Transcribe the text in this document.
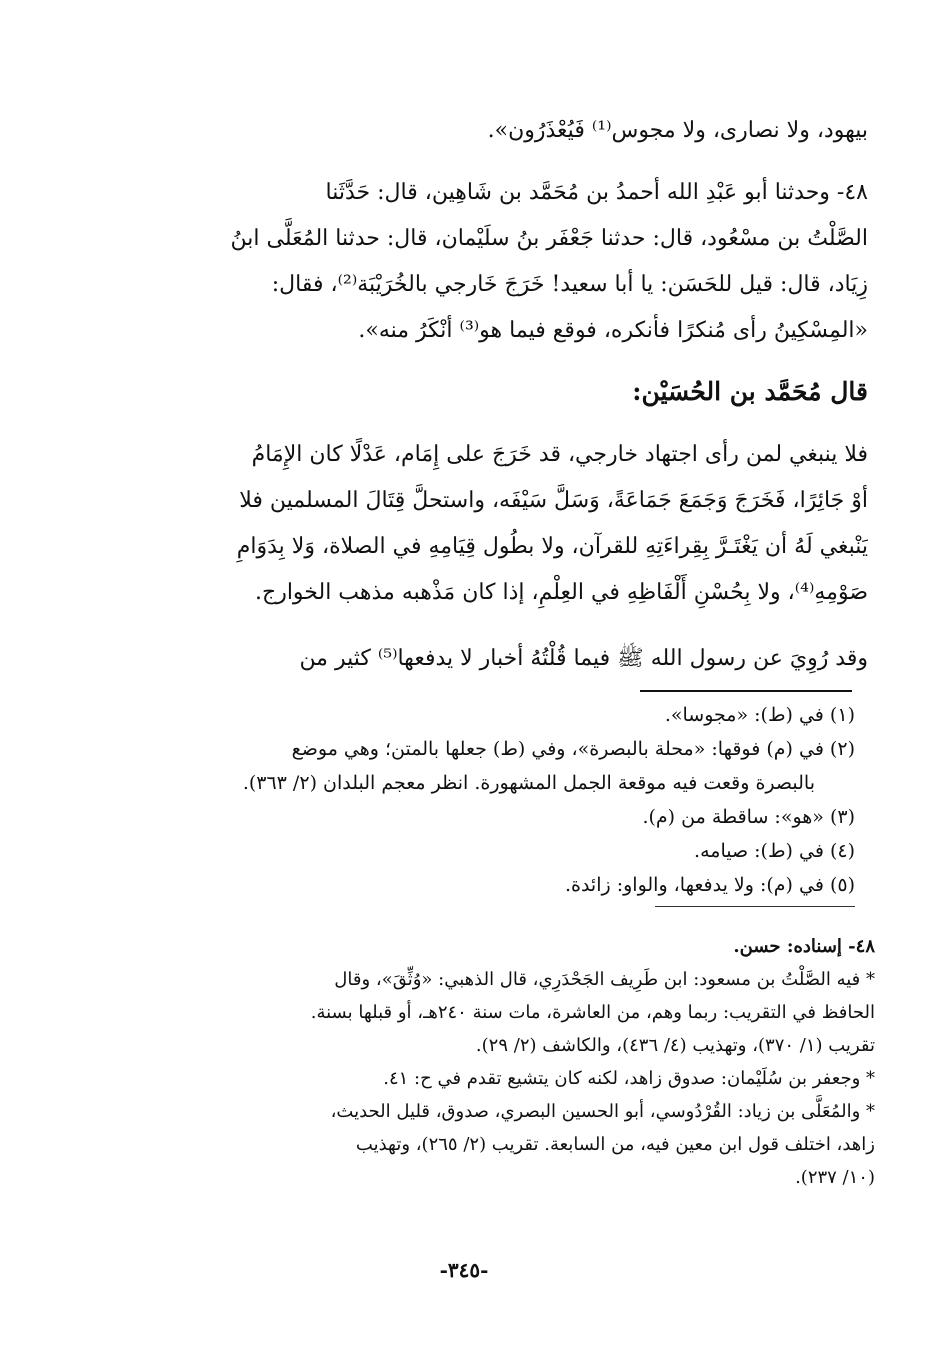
بيهود، ولا نصارى، ولا مجوس⁽¹⁾ فَيُعْذَرُون».
٤٨- وحدثنا أبو عَبْدِ الله أحمدُ بن مُحَمَّد بن شَاهِين، قال: حَدَّثَنا
الصَّلْتُ بن مسْعُود، قال: حدثنا جَعْفَر بنُ سلَيْمان، قال: حدثنا المُعَلَّى ابنُ
زِيَاد، قال: قيل للحَسَن: يا أبا سعيد! خَرَجَ خَارجي بالخُرَيْبَة⁽²⁾، فقال:
«المِسْكِينُ رأى مُنكرًا فأنكره، فوقع فيما هو⁽³⁾ أنْكَرُ منه».
قال مُحَمَّد بن الحُسَيْن:
فلا ينبغي لمن رأى اجتهاد خارجي، قد خَرَجَ على إِمَام، عَدْلًا كان الإِمَامُ
أوْ جَائِرًا، فَخَرَجَ وَجَمَعَ جَمَاعَةً، وَسَلَّ سَيْفَه، واستحلَّ قِتَالَ المسلمين فلا
يَنْبغي لَهُ أن يَغْتَـرَّ بِقِراءَتِهِ للقرآن، ولا بطُول قِيَامِهِ في الصلاة، وَلا بِدَوَامِ
صَوْمِهِ⁽⁴⁾، ولا بِحُسْنِ أَلْفَاظِهِ في العِلْمِ، إذا كان مَذْهبه مذهب الخوارج.
وقد رُوِيَ عن رسول الله ﷺ فيما قُلْتُهُ أخبار لا يدفعها⁽⁵⁾ كثير من
(١) في (ط): «مجوسا».
(٢) في (م) فوقها: «محلة بالبصرة»، وفي (ط) جعلها بالمتن؛ وهي موضع
بالبصرة وقعت فيه موقعة الجمل المشهورة. انظر معجم البلدان (٢/ ٣٦٣).
(٣) «هو»: ساقطة من (م).
(٤) في (ط): صيامه.
(٥) في (م): ولا يدفعها، والواو: زائدة.
٤٨- إسناده: حسن.
* فيه الصَّلْتُ بن مسعود: ابن طَرِيف الجَحْدَرِي، قال الذهبي: «وُثِّقَ»، وقال
الحافظ في التقريب: ربما وهم، من العاشرة، مات سنة ٢٤٠هـ، أو قبلها بسنة.
تقريب (١/ ٣٧٠)، وتهذيب (٤/ ٤٣٦)، والكاشف (٢/ ٢٩).
* وجعفر بن سُلَيْمان: صدوق زاهد، لكنه كان يتشيع تقدم في ح: ٤١.
* والمُعَلَّى بن زياد: القُرْدُوسي، أبو الحسين البصري، صدوق، قليل الحديث،
زاهد، اختلف قول ابن معين فيه، من السابعة. تقريب (٢/ ٢٦٥)، وتهذيب
(١٠/ ٢٣٧).
-٣٤٥-
